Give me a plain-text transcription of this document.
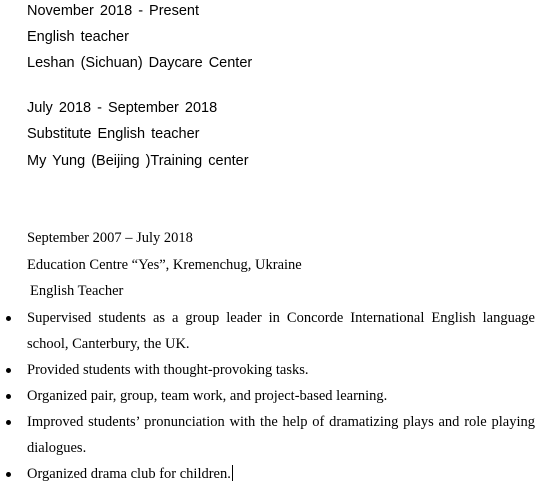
November 2018 - Present
English teacher
Leshan (Sichuan) Daycare Center
July 2018 - September 2018
Substitute English teacher
My Yung (Beijing )Training center
September 2007 – July 2018
Education Centre “Yes”, Kremenchug, Ukraine
English Teacher
Supervised students as a group leader in Concorde International English language school, Canterbury, the UK.
Provided students with thought-provoking tasks.
Organized pair, group, team work, and project-based learning.
Improved students’ pronunciation with the help of dramatizing plays and role playing dialogues.
Organized drama club for children.
